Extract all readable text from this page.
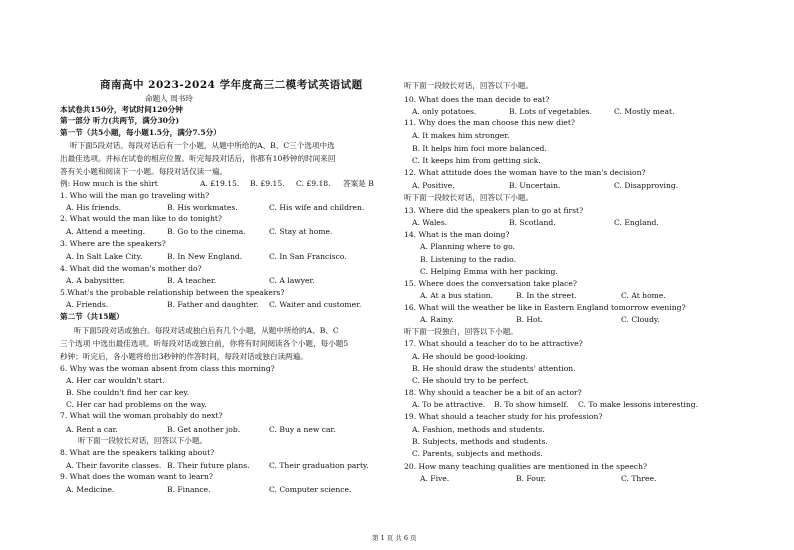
商南高中 2023-2024 学年度高三二模考试英语试题
命题人 周书玲
本试卷共150分，考试时间120分钟
第一部分 听力(共两节，满分30分)
第一节（共5小题，每小题1.5分，满分7.5分）
听下面5段对话。每段对话后有一个小题，从题中所给的A、B、C三个选项中选
出最佳选项。并标在试卷的相应位置。听完每段对话后，你都有10秒钟的时间来回
答有关小题和阅读下一小题。每段对话仅读一遍。
例: How much is the shirt	A. £19.15. B. £9.15. C. £9.18. 答案是 B
1. Who will the man go traveling with?
A. His friends.	B. His workmates.	C. His wife and children.
2. What would the man like to do tonight?
A. Attend a meeting.	B. Go to the cinema.	C. Stay at home.
3. Where are the speakers?
A. In Salt Lake City.	B. In New England.	C. In San Francisco.
4. What did the woman's mother do?
A. A babysitter.	B. A teacher.	C. A lawyer.
5.What's the probable relationship between the speakers?
A. Friends.	B. Father and daughter. C. Waiter and customer.
第二节（共15题）
听下面5段对话或独白。每段对话或独白后有几个小题，从题中所给的A、B、C
三个选项 中选出最佳选项。听每段对话或独白前，你将有时间阅读各个小题，每小题5
秒钟；听完后，各小题将给出3秒钟的作答时间，每段对话或独白读两遍。
6. Why was the woman absent from class this morning?
A. Her car wouldn't start.
B. She couldn't find her car key.
C. Her car had problems on the way.
7. What will the woman probably do next?
A. Rent a car.	B. Get another job.	C. Buy a new car.
听下面一段较长对话，回答以下小题。
8. What are the speakers talking about?
A. Their favorite classes. B. Their future plans.	C. Their graduation party.
9. What does the woman want to learn?
A. Medicine.	B. Finance.	C. Computer science.
听下面一段较长对话，回答以下小题。
10. What does the man decide to eat?
A. only potatoes.	B. Lots of vegetables.	C. Mostly meat.
11. Why does the man choose this new diet?
A. It makes him stronger.
B. It helps him foci more balanced.
C. It keeps him from getting sick.
12. What attitude does the woman have to the man's decision?
A. Positive.	B. Uncertain.	C. Disapproving.
听下面一段较长对话，回答以下小题。
13. Where did the speakers plan to go at first?
A. Wales.	B. Scotland.	C. England.
14. What is the man doing?
A. Planning where to go.
B. Listening to the radio.
C. Helping Emma with her packing.
15. Where does the conversation take place?
A. At a bus station.	B. In the street.	C. At home.
16. What will the weather be like in Eastern England tomorrow evening?
A. Rainy.	B. Hot.	C. Cloudy.
听下面一段独白，回答以下小题。
17. What should a teacher do to be attractive?
A. He should be good-looking.
B. He should draw the students' attention.
C. He should try to be perfect.
18. Why should a teacher be a bit of an actor?
A. To be attractive. B. To show himself. C. To make lessons interesting.
19. What should a teacher study for his profession?
A. Fashion, methods and students.
B. Subjects, methods and students.
C. Parents, subjects and methods.
20. How many teaching qualities are mentioned in the speech?
A. Five.	B. Four.	C. Three.
第 1 页 共 6 页
